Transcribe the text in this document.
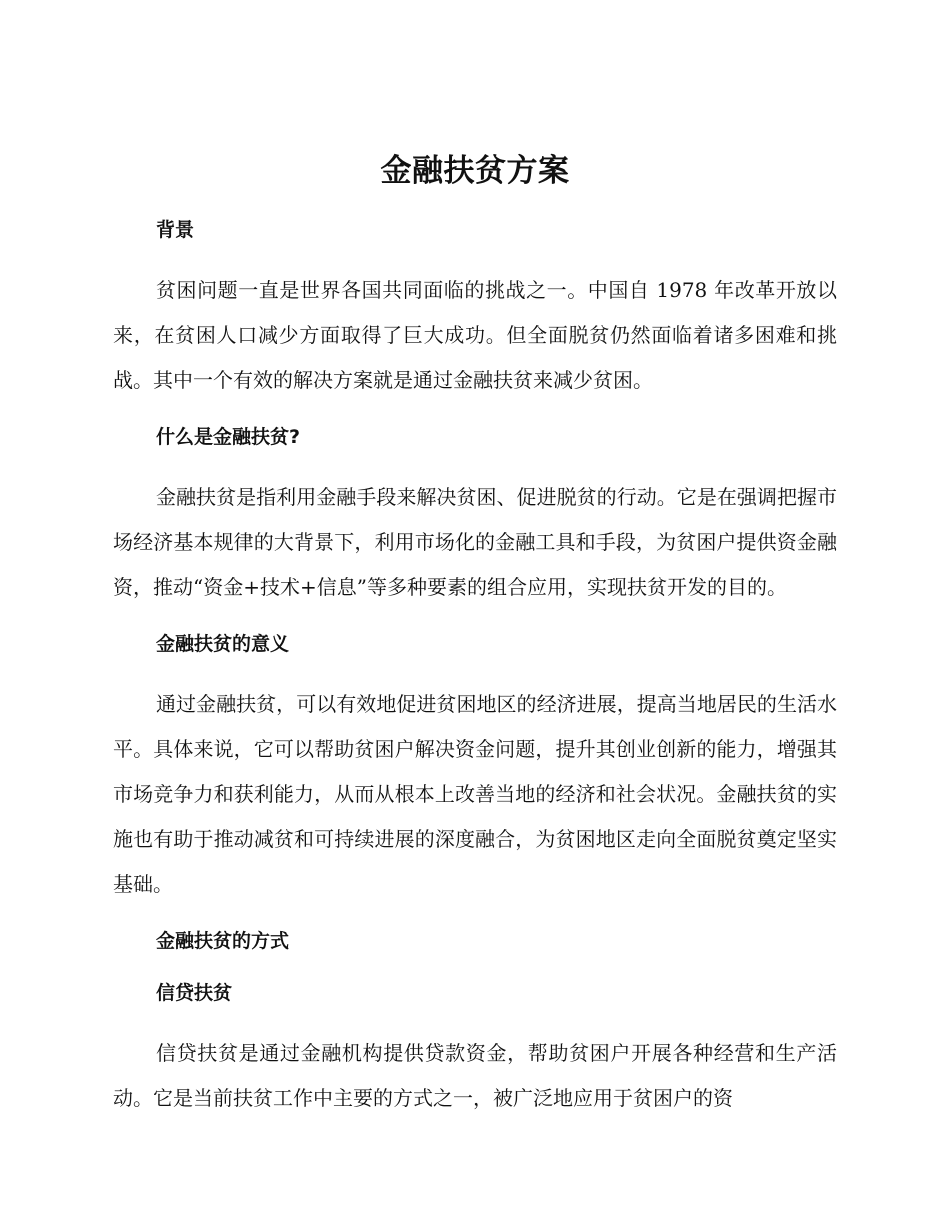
金融扶贫方案
背景

贫困问题一直是世界各国共同面临的挑战之一。中国自 1978 年改革开放以来，在贫困人口减少方面取得了巨大成功。但全面脱贫仍然面临着诸多困难和挑战。其中一个有效的解决方案就是通过金融扶贫来减少贫困。

什么是金融扶贫?

金融扶贫是指利用金融手段来解决贫困、促进脱贫的行动。它是在强调把握市场经济基本规律的大背景下，利用市场化的金融工具和手段，为贫困户提供资金融资，推动“资金+技术+信息”等多种要素的组合应用，实现扶贫开发的目的。

金融扶贫的意义

通过金融扶贫，可以有效地促进贫困地区的经济进展，提高当地居民的生活水平。具体来说，它可以帮助贫困户解决资金问题，提升其创业创新的能力，增强其市场竞争力和获利能力，从而从根本上改善当地的经济和社会状况。金融扶贫的实施也有助于推动减贫和可持续进展的深度融合，为贫困地区走向全面脱贫奠定坚实基础。

金融扶贫的方式
信贷扶贫

信贷扶贫是通过金融机构提供贷款资金，帮助贫困户开展各种经营和生产活动。它是当前扶贫工作中主要的方式之一，被广泛地应用于贫困户的资
